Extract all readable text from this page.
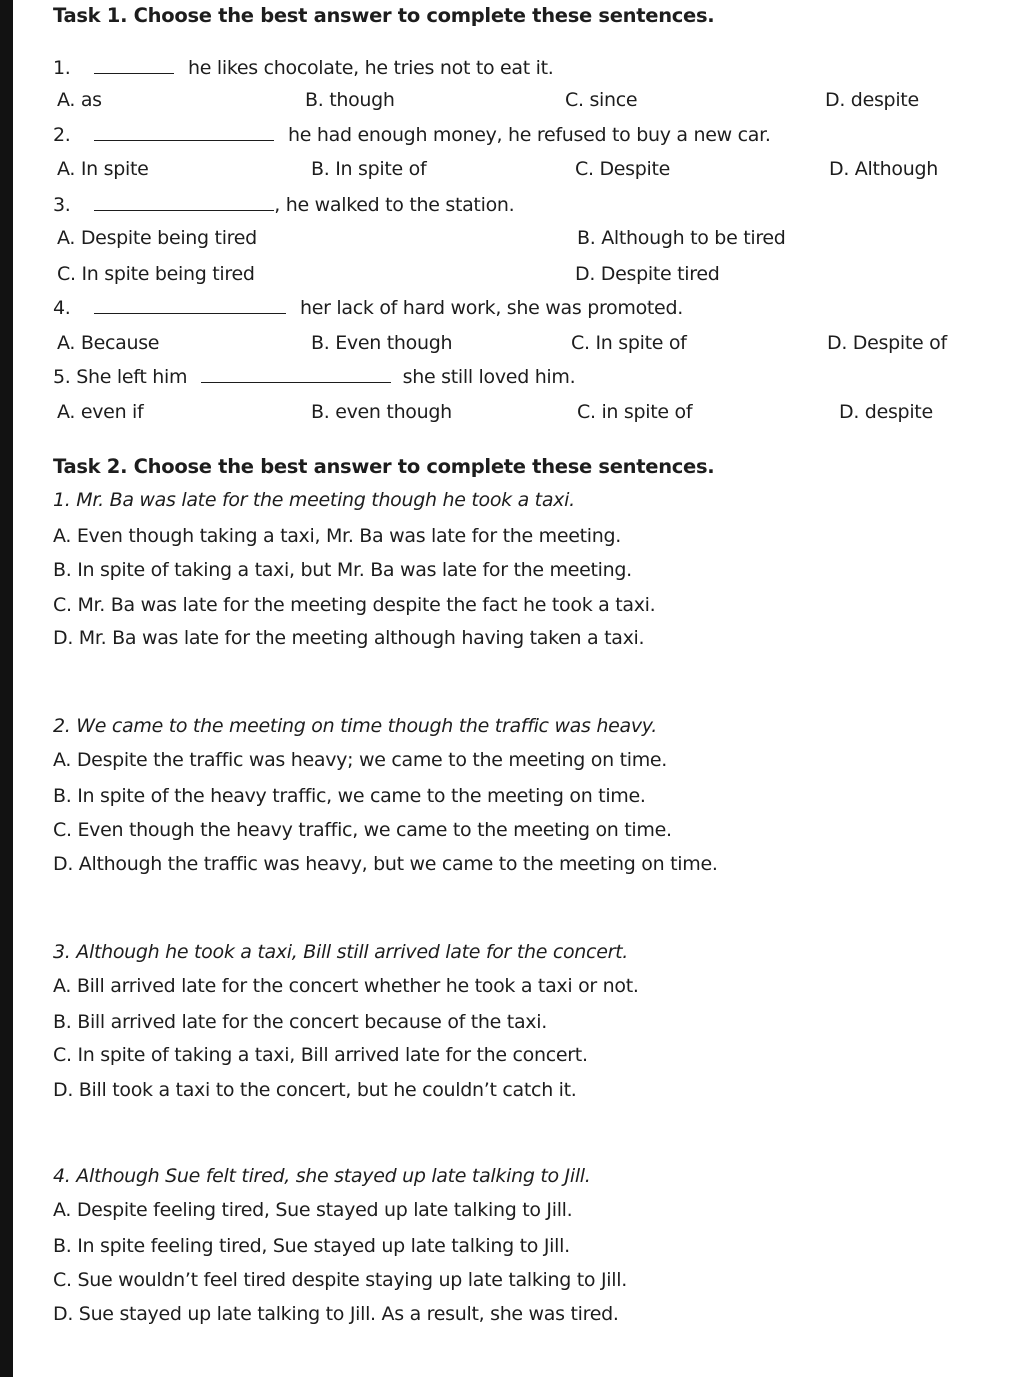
Task 1. Choose the best answer to complete these sentences.
1.	he likes chocolate, he tries not to eat it.
A. as	B. though	C. since	D. despite
2.	he had enough money, he refused to buy a new car.
A. In spite	B. In spite of	C. Despite	D. Although
3.	, he walked to the station.
A. Despite being tired	B. Although to be tired
C. In spite being tired	D. Despite tired
4.	her lack of hard work, she was promoted.
A. Because	B. Even though	C. In spite of	D. Despite of
5. She left him	she still loved him.
A. even if	B. even though	C. in spite of	D. despite
Task 2. Choose the best answer to complete these sentences.
1. Mr. Ba was late for the meeting though he took a taxi.
A. Even though taking a taxi, Mr. Ba was late for the meeting.
B. In spite of taking a taxi, but Mr. Ba was late for the meeting.
C. Mr. Ba was late for the meeting despite the fact he took a taxi.
D. Mr. Ba was late for the meeting although having taken a taxi.
2. We came to the meeting on time though the traffic was heavy.
A. Despite the traffic was heavy; we came to the meeting on time.
B. In spite of the heavy traffic, we came to the meeting on time.
C. Even though the heavy traffic, we came to the meeting on time.
D. Although the traffic was heavy, but we came to the meeting on time.
3. Although he took a taxi, Bill still arrived late for the concert.
A. Bill arrived late for the concert whether he took a taxi or not.
B. Bill arrived late for the concert because of the taxi.
C. In spite of taking a taxi, Bill arrived late for the concert.
D. Bill took a taxi to the concert, but he couldn’t catch it.
4. Although Sue felt tired, she stayed up late talking to Jill.
A. Despite feeling tired, Sue stayed up late talking to Jill.
B. In spite feeling tired, Sue stayed up late talking to Jill.
C. Sue wouldn’t feel tired despite staying up late talking to Jill.
D. Sue stayed up late talking to Jill. As a result, she was tired.
